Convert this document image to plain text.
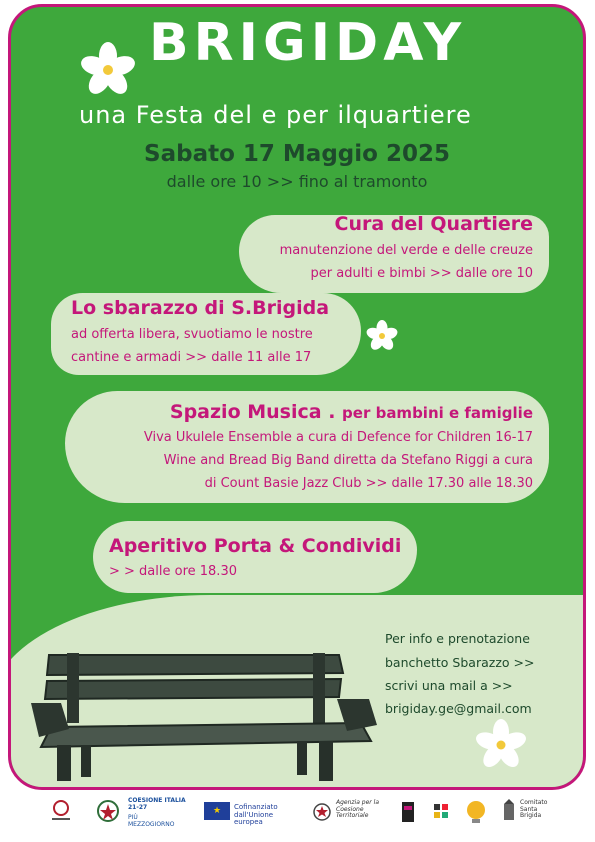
BRIGIDAY
una Festa del e per ilquartiere
Sabato 17 Maggio 2025
dalle ore 10 >> fino al tramonto
Cura del Quartiere
manutenzione del verde e delle creuze
per adulti e bimbi >> dalle ore 10
Lo sbarazzo di S.Brigida
ad offerta libera, svuotiamo le nostre
cantine e armadi >> dalle 11 alle 17
Spazio Musica . per bambini e famiglie
Viva Ukulele Ensemble a cura di Defence for Children 16-17
Wine and Bread Big Band diretta da Stefano Riggi a cura
di Count Basie Jazz Club >> dalle 17.30 alle 18.30
Aperitivo Porta & Condividi
> > dalle ore 18.30
Per info e prenotazione
banchetto Sbarazzo >>
scrivi una mail a >>
brigiday.ge@gmail.com
COESIONE ITALIA 21-27
PIÙ MEZZOGIORNO
★	Cofinanziato dall'Unione europea
Agenzia per la Coesione Territoriale
Comitato Santa Brigida
